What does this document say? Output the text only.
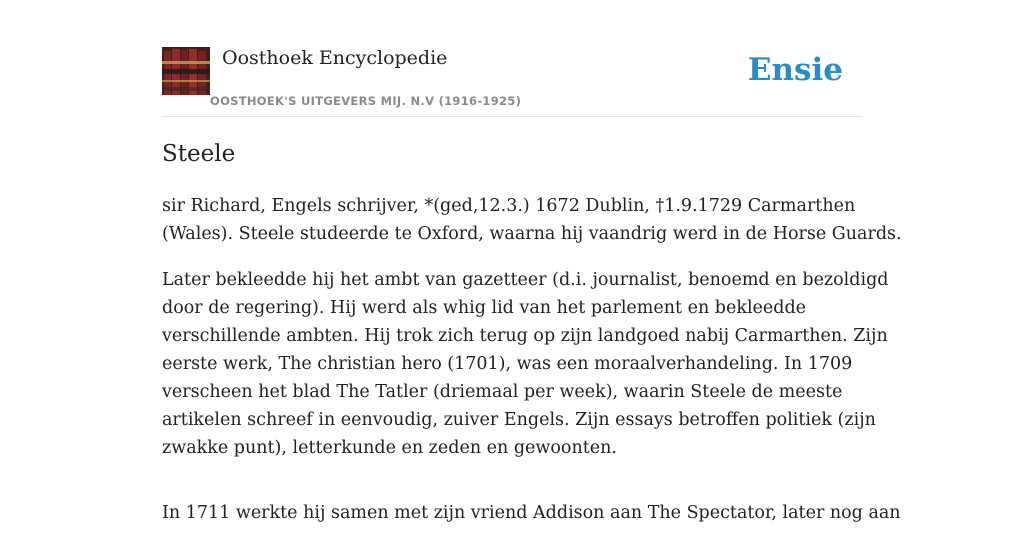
Oosthoek Encyclopedie
OOSTHOEK'S UITGEVERS MIJ. N.V (1916-1925)
Ensie
Steele

sir Richard, Engels schrijver, *(ged,12.3.) 1672 Dublin, †1.9.1729 Carmarthen
(Wales). Steele studeerde te Oxford, waarna hij vaandrig werd in de Horse Guards.

Later bekleedde hij het ambt van gazetteer (d.i. journalist, benoemd en bezoldigd
door de regering). Hij werd als whig lid van het parlement en bekleedde
verschillende ambten. Hij trok zich terug op zijn landgoed nabij Carmarthen. Zijn
eerste werk, The christian hero (1701), was een moraalverhandeling. In 1709
verscheen het blad The Tatler (driemaal per week), waarin Steele de meeste
artikelen schreef in eenvoudig, zuiver Engels. Zijn essays betroffen politiek (zijn
zwakke punt), letterkunde en zeden en gewoonten.

In 1711 werkte hij samen met zijn vriend Addison aan The Spectator, later nog aan
